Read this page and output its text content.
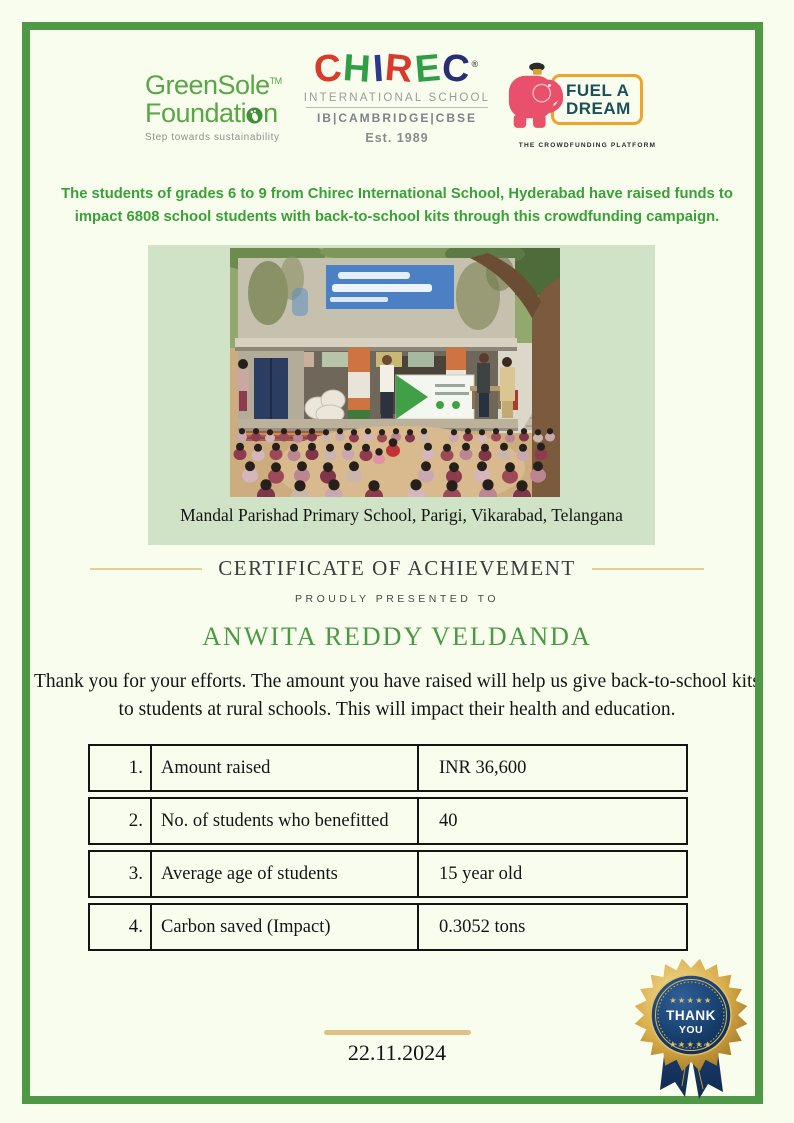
GreenSole™
Foundati n
Step towards sustainability
CHIREC®
INTERNATIONAL SCHOOL
IB|CAMBRIDGE|CBSE
Est. 1989
FUEL A
DREAM
THE CROWDFUNDING PLATFORM
The students of grades 6 to 9 from Chirec International School, Hyderabad have raised funds to impact 6808 school students with back-to-school kits through this crowdfunding campaign.
Mandal Parishad Primary School, Parigi, Vikarabad, Telangana
CERTIFICATE OF ACHIEVEMENT
PROUDLY PRESENTED TO
ANWITA REDDY VELDANDA
Thank you for your efforts. The amount you have raised will help us give back-to-school kits to students at rural schools. This will impact their health and education.
1. Amount raised	INR 36,600
2. No. of students who benefitted	40
3. Average age of students	15 year old
4. Carbon saved (Impact)	0.3052 tons
22.11.2024
★★★★★
THANK
YOU
★★★★★
